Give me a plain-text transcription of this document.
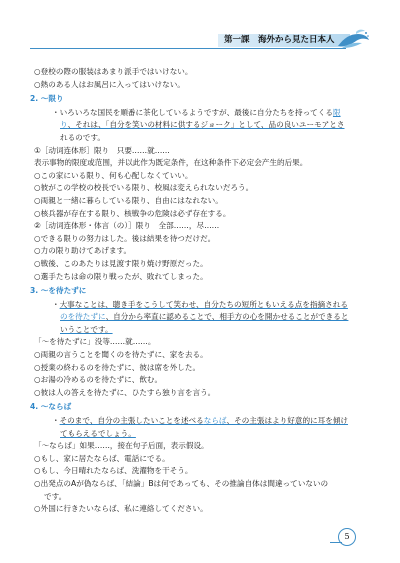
第一課　海外から見た日本人
○登校の際の服装はあまり派手ではいけない。
○熱のある人はお風呂に入ってはいけない。
2. ～限り
・いろいろな国民を順番に茶化しているようですが、最後に自分たちを持ってくる限
り、それは、「自分を笑いの材料に供するジョーク」として、品の良いユーモアとさ
れるのです。
①［动词连体形］限り　只要……就……
表示事物的限度或范围，并以此作为既定条件，在这种条件下必定会产生的后果。
○この家にいる限り、何も心配しなくていい。
○彼がこの学校の校長でいる限り、校風は変えられないだろう。
○両親と一緒に暮らしている限り、自由にはなれない。
○核兵器が存在する限り、核戦争の危険は必ず存在する。
②［动词连体形・体言（の）］限り　全部……，尽……
○できる限りの努力はした。後は結果を待つだけだ。
○力の限り助けてあげます。
○戦後、このあたりは見渡す限り焼け野原だった。
○選手たちは命の限り戦ったが、敗れてしまった。
3. ～を待たずに
・大事なことは、聴き手をこうして笑わせ、自分たちの短所ともいえる点を指摘される
のを待たずに、自分から率直に認めることで、相手方の心を開かせることができると
いうことです。
「～を待たずに」没等……就……。
○両親の言うことを聞くのを待たずに、家を去る。
○授業の終わるのを待たずに、彼は席を外した。
○お湯の冷めるのを待たずに、飲む。
○彼は人の答えを待たずに、ひたすら独り言を言う。
4. ～ならば
・そのまで、自分の主張したいことを述べるならば、その主張はより好意的に耳を傾け
てもらえるでしょう。
「～ならば」如果……，接在句子后面，表示假设。
○もし、家に居たならば、電話にでる。
○もし、今日晴れたならば、洗濯物を干そう。
○出発点のAが偽ならば、「結論」Bは何であっても、その推論自体は間違っていないの
です。
○外国に行きたいならば、私に連絡してください。
5
